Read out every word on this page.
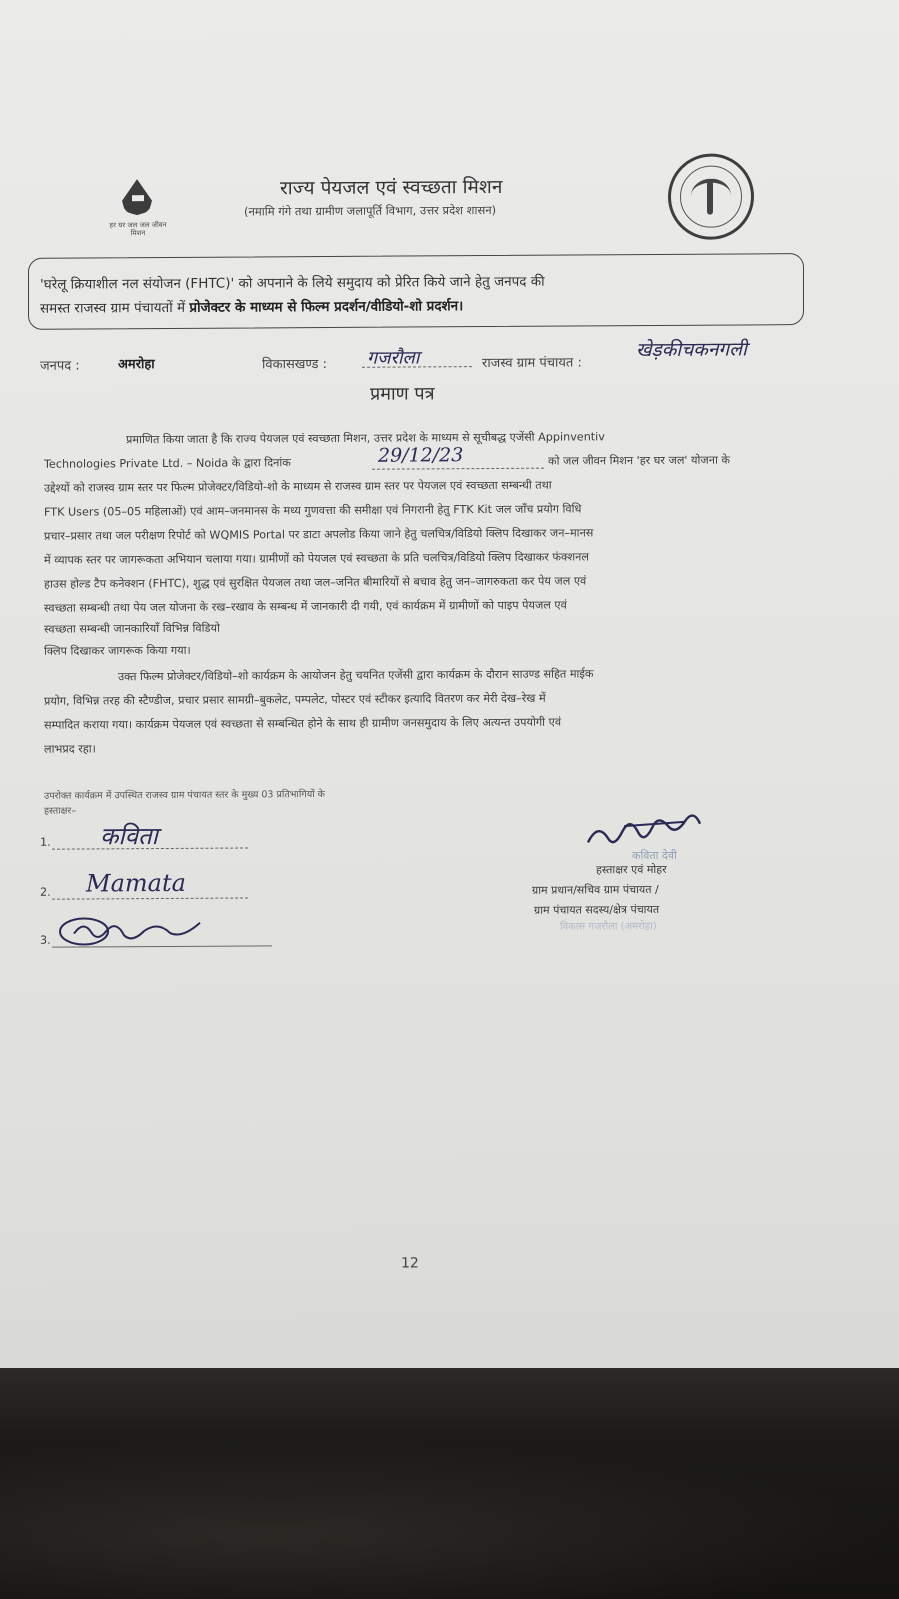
हर घर जल जल जीवन मिशन
राज्य पेयजल एवं स्वच्छता मिशन
(नमामि गंगे तथा ग्रामीण जलापूर्ति विभाग, उत्तर प्रदेश शासन)
'घरेलू क्रियाशील नल संयोजन (FHTC)' को अपनाने के लिये समुदाय को प्रेरित किये जाने हेतु जनपद की
समस्त राजस्व ग्राम पंचायतों में प्रोजेक्टर के माध्यम से फिल्म प्रदर्शन/वीडियो-शो प्रदर्शन।
जनपद :	अमरोहा	विकासखण्ड : गजरौला	राजस्व ग्राम पंचायत :
खेड़कीचकनगली
प्रमाण पत्र
प्रमाणित किया जाता है कि राज्य पेयजल एवं स्वच्छता मिशन, उत्तर प्रदेश के माध्यम से सूचीबद्ध एजेंसी Appinventiv
Technologies Private Ltd. – Noida के द्वारा दिनांक	29/12/23	को जल जीवन मिशन 'हर घर जल' योजना के
उद्देश्यों को राजस्व ग्राम स्तर पर फिल्म प्रोजेक्टर/विडियो-शो के माध्यम से राजस्व ग्राम स्तर पर पेयजल एवं स्वच्छता सम्बन्धी तथा
FTK Users (05–05 महिलाओं) एवं आम–जनमानस के मध्य गुणवत्ता की समीक्षा एवं निगरानी हेतु FTK Kit जल जाँच प्रयोग विधि
प्रचार–प्रसार तथा जल परीक्षण रिपोर्ट को WQMIS Portal पर डाटा अपलोड किया जाने हेतु चलचित्र/विडियो क्लिप दिखाकर जन–मानस
में व्यापक स्तर पर जागरूकता अभियान चलाया गया। ग्रामीणों को पेयजल एवं स्वच्छता के प्रति चलचित्र/विडियो क्लिप दिखाकर फंक्शनल
हाउस होल्ड टैप कनेक्शन (FHTC), शुद्ध एवं सुरक्षित पेयजल तथा जल–जनित बीमारियों से बचाव हेतु जन–जागरुकता कर पेय जल एवं
स्वच्छता सम्बन्धी तथा पेय जल योजना के रख–रखाव के सम्बन्ध में जानकारी दी गयी, एवं कार्यक्रम में ग्रामीणों को पाइप पेयजल एवं
स्वच्छता सम्बन्धी जानकारियाँ विभिन्न विडियो
क्लिप दिखाकर जागरूक किया गया।
उक्त फिल्म प्रोजेक्टर/विडियो–शो कार्यक्रम के आयोजन हेतु चयनित एजेंसी द्वारा कार्यक्रम के दौरान साउण्ड सहित माईक
प्रयोग, विभिन्न तरह की स्टैण्डीज, प्रचार प्रसार सामग्री–बुकलेट, पम्पलेट, पोस्टर एवं स्टीकर इत्यादि वितरण कर मेरी देख–रेख में
सम्पादित कराया गया। कार्यक्रम पेयजल एवं स्वच्छता से सम्बन्धित होने के साथ ही ग्रामीण जनसमुदाय के लिए अत्यन्त उपयोगी एवं
लाभप्रद रहा।
उपरोक्त कार्यक्रम में उपस्थित राजस्व ग्राम पंचायत स्तर के मुख्य 03 प्रतिभागियों के
हस्ताक्षर–
1. कविता
2. Mamata
3.
कविता देवी
हस्ताक्षर एवं मोहर
ग्राम प्रधान/सचिव ग्राम पंचायत /
ग्राम पंचायत सदस्य/क्षेत्र पंचायत
विकास गजरौला (अमरोहा)
12
